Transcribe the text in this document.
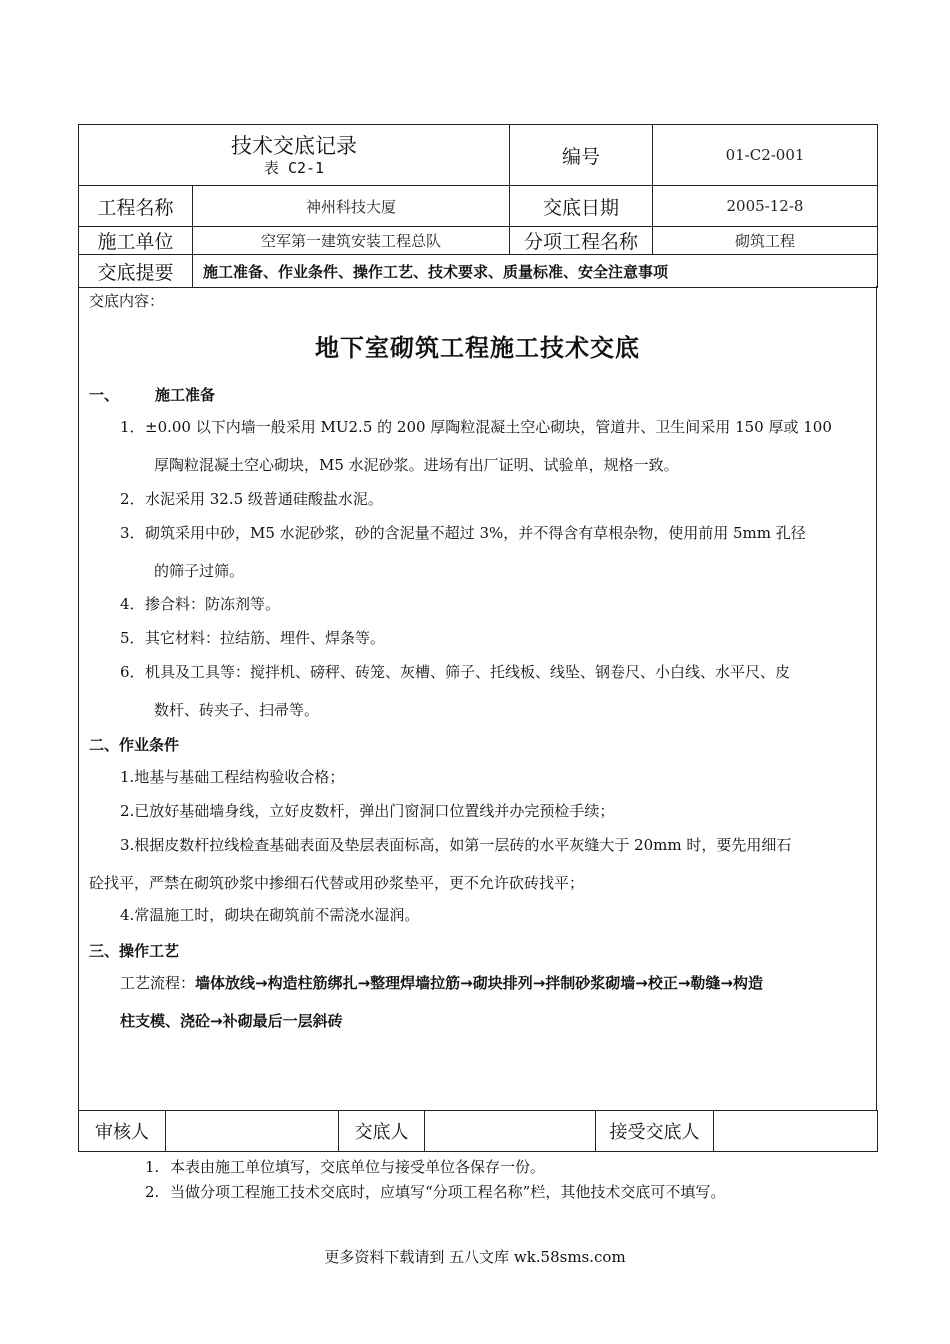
技术交底记录
表 C2-1		编号	01-C2-001
工程名称	神州科技大厦	交底日期	2005-12-8
施工单位	空军第一建筑安装工程总队	分项工程名称	砌筑工程
交底提要	施工准备、作业条件、操作工艺、技术要求、质量标准、安全注意事项		
交底内容：
地下室砌筑工程施工技术交底
一、 施工准备
1．±0.00 以下内墙一般采用 MU2.5 的 200 厚陶粒混凝土空心砌块，管道井、卫生间采用 150 厚或 100
厚陶粒混凝土空心砌块，M5 水泥砂浆。进场有出厂证明、试验单，规格一致。
2．水泥采用 32.5 级普通硅酸盐水泥。
3．砌筑采用中砂，M5 水泥砂浆，砂的含泥量不超过 3%，并不得含有草根杂物，使用前用 5mm 孔径
的筛子过筛。
4．掺合料：防冻剂等。
5．其它材料：拉结筋、埋件、焊条等。
6．机具及工具等：搅拌机、磅秤、砖笼、灰槽、筛子、托线板、线坠、钢卷尺、小白线、水平尺、皮
数杆、砖夹子、扫帚等。
二、作业条件
1.地基与基础工程结构验收合格；
2.已放好基础墙身线，立好皮数杆，弹出门窗洞口位置线并办完预检手续；
3.根据皮数杆拉线检查基础表面及垫层表面标高，如第一层砖的水平灰缝大于 20mm 时，要先用细石
砼找平，严禁在砌筑砂浆中掺细石代替或用砂浆垫平，更不允许砍砖找平；
4.常温施工时，砌块在砌筑前不需浇水湿润。
三、操作工艺
工艺流程：墙体放线→构造柱筋绑扎→整理焊墙拉筋→砌块排列→拌制砂浆砌墙→校正→勒缝→构造
柱支模、浇砼→补砌最后一层斜砖
审核人		交底人		接受交底人	
1. 本表由施工单位填写，交底单位与接受单位各保存一份。
2. 当做分项工程施工技术交底时，应填写“分项工程名称”栏，其他技术交底可不填写。
更多资料下载请到 五八文库 wk.58sms.com
